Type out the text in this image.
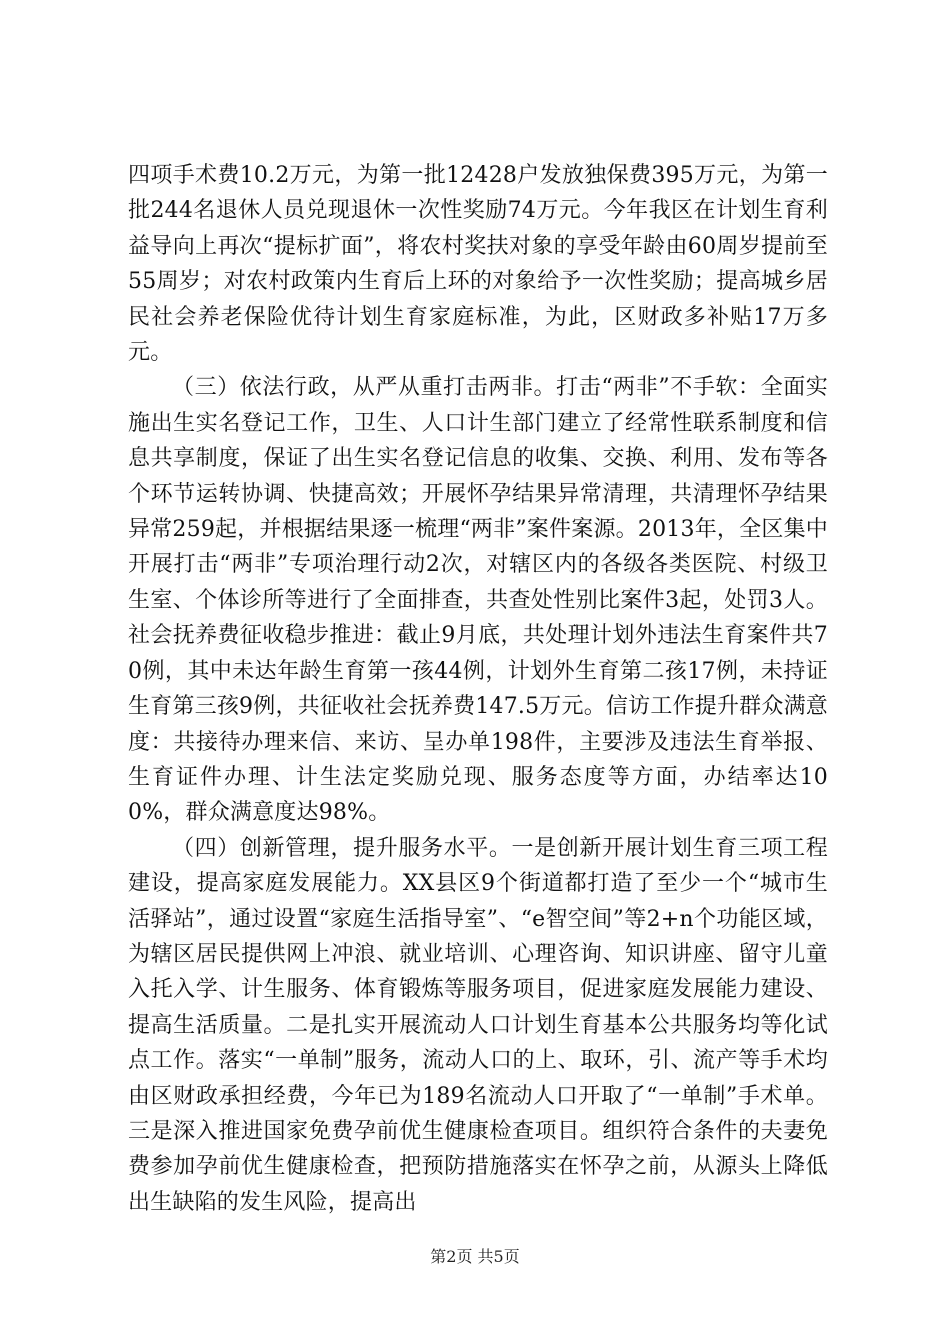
四项手术费10.2万元，为第一批12428户发放独保费395万元，为第一批244名退休人员兑现退休一次性奖励74万元。今年我区在计划生育利益导向上再次“提标扩面”，将农村奖扶对象的享受年龄由60周岁提前至55周岁；对农村政策内生育后上环的对象给予一次性奖励；提高城乡居民社会养老保险优待计划生育家庭标准，为此，区财政多补贴17万多元。

（三）依法行政，从严从重打击两非。打击“两非”不手软：全面实施出生实名登记工作，卫生、人口计生部门建立了经常性联系制度和信息共享制度，保证了出生实名登记信息的收集、交换、利用、发布等各个环节运转协调、快捷高效；开展怀孕结果异常清理，共清理怀孕结果异常259起，并根据结果逐一梳理“两非”案件案源。2013年，全区集中开展打击“两非”专项治理行动2次，对辖区内的各级各类医院、村级卫生室、个体诊所等进行了全面排查，共查处性别比案件3起，处罚3人。社会抚养费征收稳步推进：截止9月底，共处理计划外违法生育案件共70例，其中未达年龄生育第一孩44例，计划外生育第二孩17例，未持证生育第三孩9例，共征收社会抚养费147.5万元。信访工作提升群众满意度：共接待办理来信、来访、呈办单198件，主要涉及违法生育举报、生育证件办理、计生法定奖励兑现、服务态度等方面，办结率达100%，群众满意度达98%。

（四）创新管理，提升服务水平。一是创新开展计划生育三项工程建设，提高家庭发展能力。XX县区9个街道都打造了至少一个“城市生活驿站”，通过设置“家庭生活指导室”、“e智空间”等2+n个功能区域，为辖区居民提供网上冲浪、就业培训、心理咨询、知识讲座、留守儿童入托入学、计生服务、体育锻炼等服务项目，促进家庭发展能力建设、提高生活质量。二是扎实开展流动人口计划生育基本公共服务均等化试点工作。落实“一单制”服务，流动人口的上、取环，引、流产等手术均由区财政承担经费，今年已为189名流动人口开取了“一单制”手术单。三是深入推进国家免费孕前优生健康检查项目。组织符合条件的夫妻免费参加孕前优生健康检查，把预防措施落实在怀孕之前，从源头上降低出生缺陷的发生风险，提高出

第2页 共5页
